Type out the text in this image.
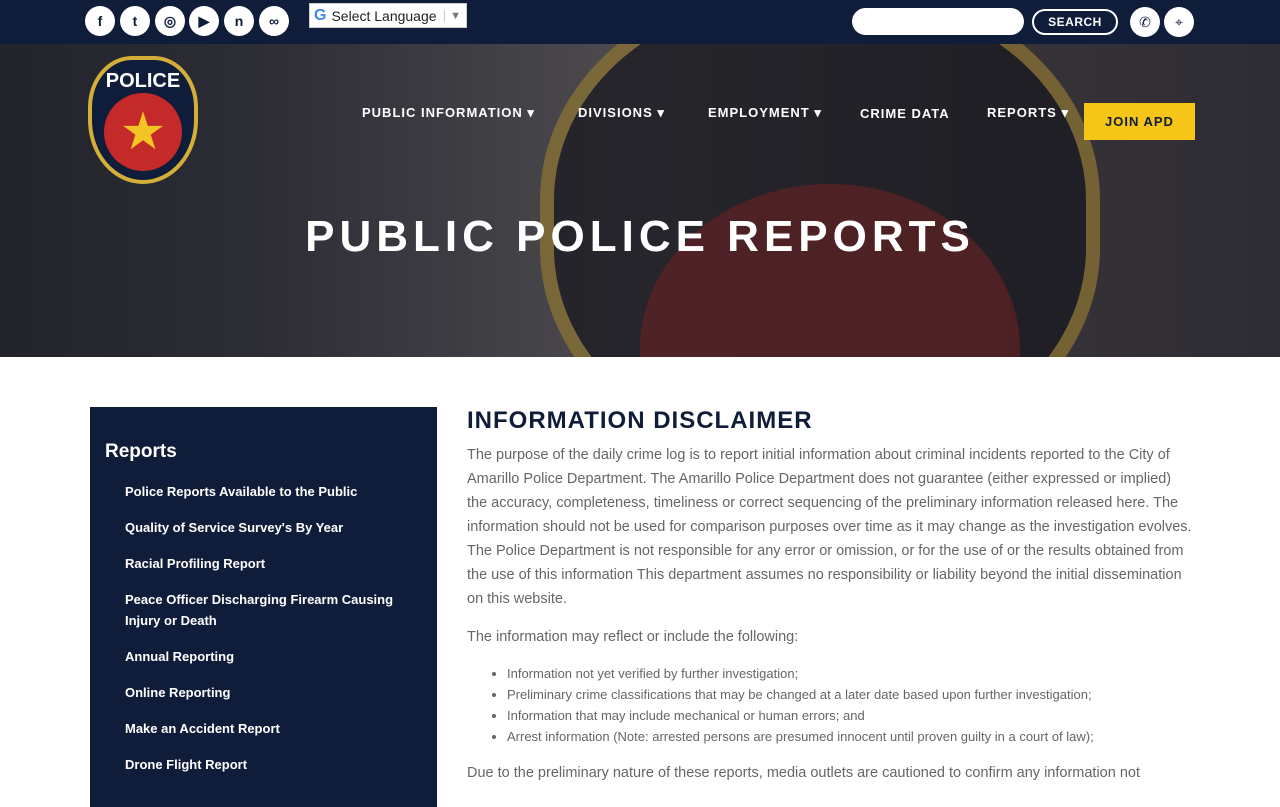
f	t	◎	▶	n	∞	G Select Language	▼	SEARCH	✆	⌖
POLICE
★	PUBLIC INFORMATION ▾	DIVISIONS ▾	EMPLOYMENT ▾	CRIME DATA	REPORTS ▾
JOIN APD
PUBLIC POLICE REPORTS
Reports
Police Reports Available to the Public
Quality of Service Survey's By Year
Racial Profiling Report
Peace Officer Discharging Firearm Causing Injury or Death
Annual Reporting
Online Reporting
Make an Accident Report
Drone Flight Report
INFORMATION DISCLAIMER

The purpose of the daily crime log is to report initial information about criminal incidents reported to the City of Amarillo Police Department. The Amarillo Police Department does not guarantee (either expressed or implied) the accuracy, completeness, timeliness or correct sequencing of the preliminary information released here. The information should not be used for comparison purposes over time as it may change as the investigation evolves. The Police Department is not responsible for any error or omission, or for the use of or the results obtained from the use of this information This department assumes no responsibility or liability beyond the initial dissemination on this website.

The information may reflect or include the following:

• Information not yet verified by further investigation;
• Preliminary crime classifications that may be changed at a later date based upon further investigation;
• Information that may include mechanical or human errors; and
• Arrest information (Note: arrested persons are presumed innocent until proven guilty in a court of law);

Due to the preliminary nature of these reports, media outlets are cautioned to confirm any information not
